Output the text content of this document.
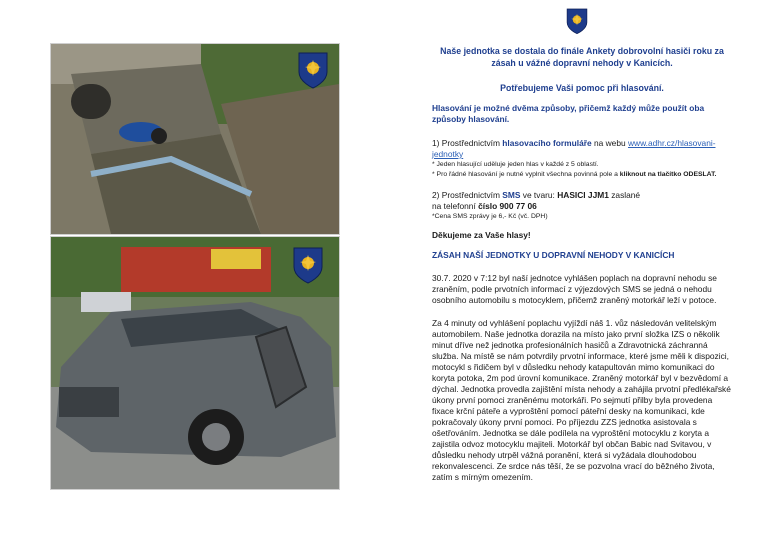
Naše jednotka se dostala do finále Ankety dobrovolní hasiči roku za zásah u vážné dopravní nehody v Kanicích.
Potřebujeme Vaši pomoc při hlasování.
Hlasování je možné dvěma způsoby, přičemž každý může použít oba způsoby hlasování.
1) Prostřednictvím hlasovacího formuláře na webu www.adhr.cz/hlasovani-jednotky
* Jeden hlasující uděluje jeden hlas v každé z 5 oblastí.
* Pro řádné hlasování je nutné vyplnit všechna povinná pole a kliknout na tlačítko ODESLAT.
2) Prostřednictvím SMS ve tvaru: HASICI JJM1 zaslané
na telefonní číslo 900 77 06
*Cena SMS zprávy je 6,- Kč (vč. DPH)
Děkujeme za Vaše hlasy!
ZÁSAH NAŠÍ JEDNOTKY U DOPRAVNÍ NEHODY V KANICÍCH

30.7. 2020 v 7:12 byl naší jednotce vyhlášen poplach na dopravní nehodu se zraněním, podle prvotních informací z výjezdových SMS se jedná o nehodu osobního automobilu s motocyklem, přičemž zraněný motorkář leží v potoce.

Za 4 minuty od vyhlášení poplachu vyjíždí náš 1. vůz následován velitelským automobilem. Naše jednotka dorazila na místo jako první složka IZS o několik minut dříve než jednotka profesionálních hasičů a Zdravotnická záchranná služba. Na místě se nám potvrdily prvotní informace, které jsme měli k dispozici, motocykl s řidičem byl v důsledku nehody katapultován mimo komunikaci do koryta potoka, 2m pod úrovní komunikace. Zraněný motorkář byl v bezvědomí a dýchal. Jednotka provedla zajištění místa nehody a zahájila prvotní předlékařské úkony první pomoci zraněnému motorkáři. Po sejmutí přilby byla provedena fixace krční páteře a vyproštění pomocí páteřní desky na komunikaci, kde pokračovaly úkony první pomoci. Po příjezdu ZZS jednotka asistovala s ošetřováním. Jednotka se dále podílela na vyproštění motocyklu z koryta a zajistila odvoz motocyklu majiteli. Motorkář byl občan Babic nad Svitavou, v důsledku nehody utrpěl vážná poranění, která si vyžádala dlouhodobou rekonvalescenci. Ze srdce nás těší, že se pozvolna vrací do běžného života, zatím s mírným omezením.
